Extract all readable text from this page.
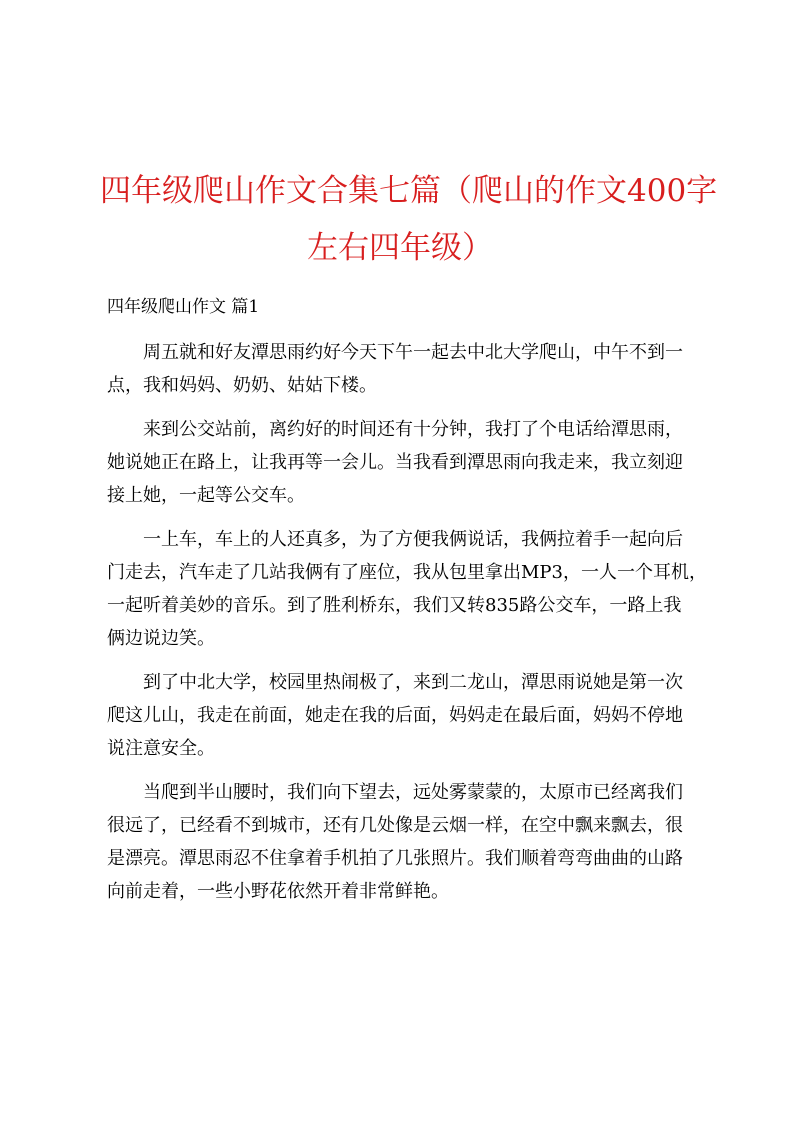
四年级爬山作文合集七篇（爬山的作文400字
左右四年级）
四年级爬山作文 篇1

周五就和好友潭思雨约好今天下午一起去中北大学爬山，中午不到一
点，我和妈妈、奶奶、姑姑下楼。

来到公交站前，离约好的时间还有十分钟，我打了个电话给潭思雨，
她说她正在路上，让我再等一会儿。当我看到潭思雨向我走来，我立刻迎
接上她，一起等公交车。

一上车，车上的人还真多，为了方便我俩说话，我俩拉着手一起向后
门走去，汽车走了几站我俩有了座位，我从包里拿出MP3，一人一个耳机，
一起听着美妙的音乐。到了胜利桥东，我们又转835路公交车，一路上我
俩边说边笑。

到了中北大学，校园里热闹极了，来到二龙山，潭思雨说她是第一次
爬这儿山，我走在前面，她走在我的后面，妈妈走在最后面，妈妈不停地
说注意安全。

当爬到半山腰时，我们向下望去，远处雾蒙蒙的，太原市已经离我们
很远了，已经看不到城市，还有几处像是云烟一样，在空中飘来飘去，很
是漂亮。潭思雨忍不住拿着手机拍了几张照片。我们顺着弯弯曲曲的山路
向前走着，一些小野花依然开着非常鲜艳。
